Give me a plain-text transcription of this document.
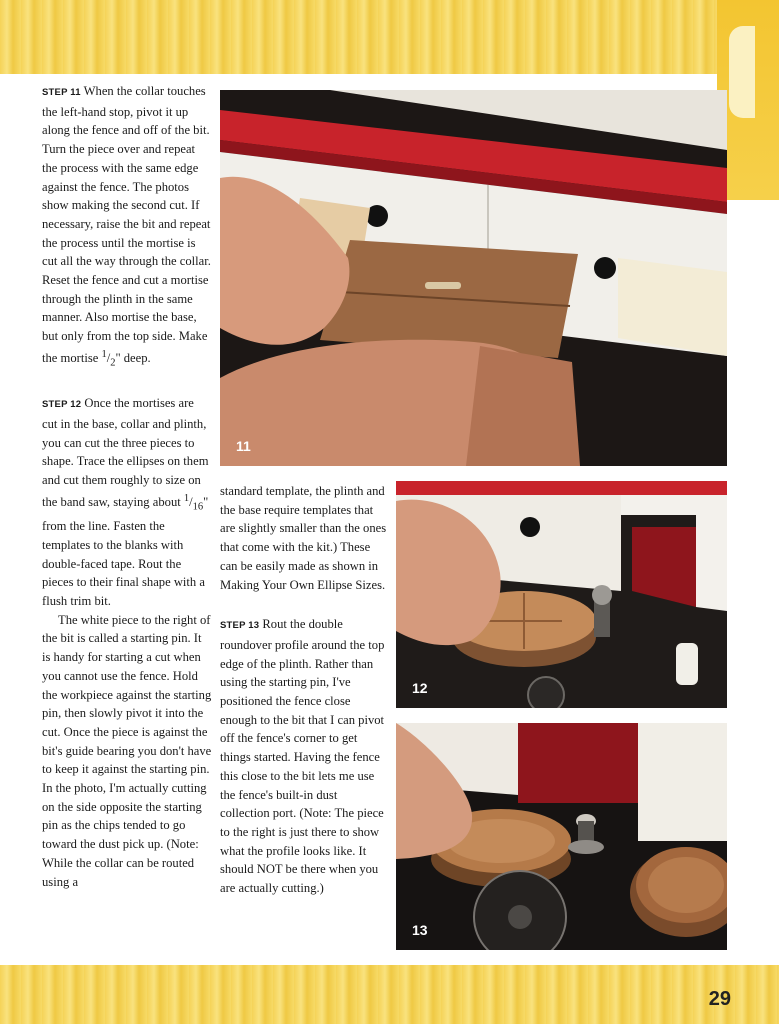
STEP 11 When the collar touches the left-hand stop, pivot it up along the fence and off of the bit. Turn the piece over and repeat the process with the same edge against the fence. The photos show making the second cut. If necessary, raise the bit and repeat the process until the mortise is cut all the way through the collar. Reset the fence and cut a mortise through the plinth in the same manner. Also mortise the base, but only from the top side. Make the mortise $^1/_2$" deep.

STEP 12 Once the mortises are cut in the base, collar and plinth, you can cut the three pieces to shape. Trace the ellipses on them and cut them roughly to size on the band saw, staying about $^1/_{16}$" from the line. Fasten the templates to the blanks with double-faced tape. Rout the pieces to their final shape with a flush trim bit.

The white piece to the right of the bit is called a starting pin. It is handy for starting a cut when you cannot use the fence. Hold the workpiece against the starting pin, then slowly pivot it into the cut. Once the piece is against the bit's guide bearing you don't have to keep it against the starting pin. In the photo, I'm actually cutting on the side opposite the starting pin as the chips tended to go toward the dust pick up. (Note: While the collar can be routed using a

standard template, the plinth and the base require templates that are slightly smaller than the ones that come with the kit.) These can be easily made as shown in Making Your Own Ellipse Sizes.

STEP 13 Rout the double roundover profile around the top edge of the plinth. Rather than using the starting pin, I've positioned the fence close enough to the bit that I can pivot off the fence's corner to get things started. Having the fence this close to the bit lets me use the fence's built-in dust collection port. (Note: The piece to the right is just there to show what the profile looks like. It should NOT be there when you are actually cutting.)

11
12
13

29
